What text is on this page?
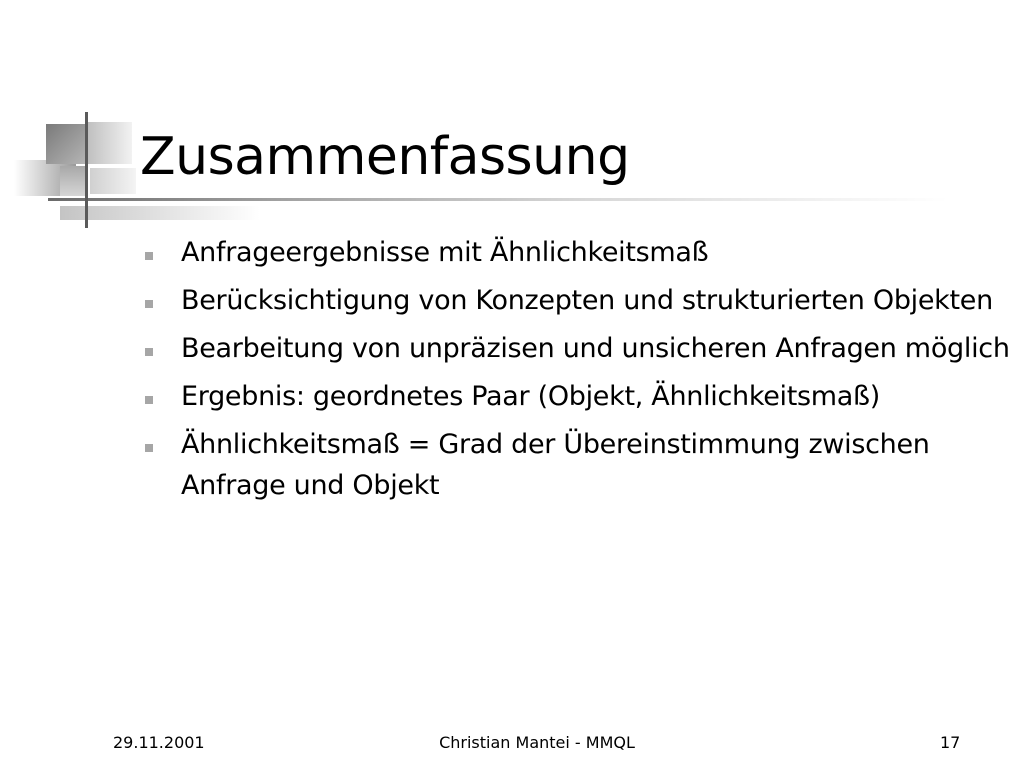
Zusammenfassung
Anfrageergebnisse mit Ähnlichkeitsmaß
Berücksichtigung von Konzepten und strukturierten Objekten
Bearbeitung von unpräzisen und unsicheren Anfragen möglich
Ergebnis: geordnetes Paar (Objekt, Ähnlichkeitsmaß)
Ähnlichkeitsmaß = Grad der Übereinstimmung zwischen Anfrage und Objekt
29.11.2001	Christian Mantei - MMQL	17
